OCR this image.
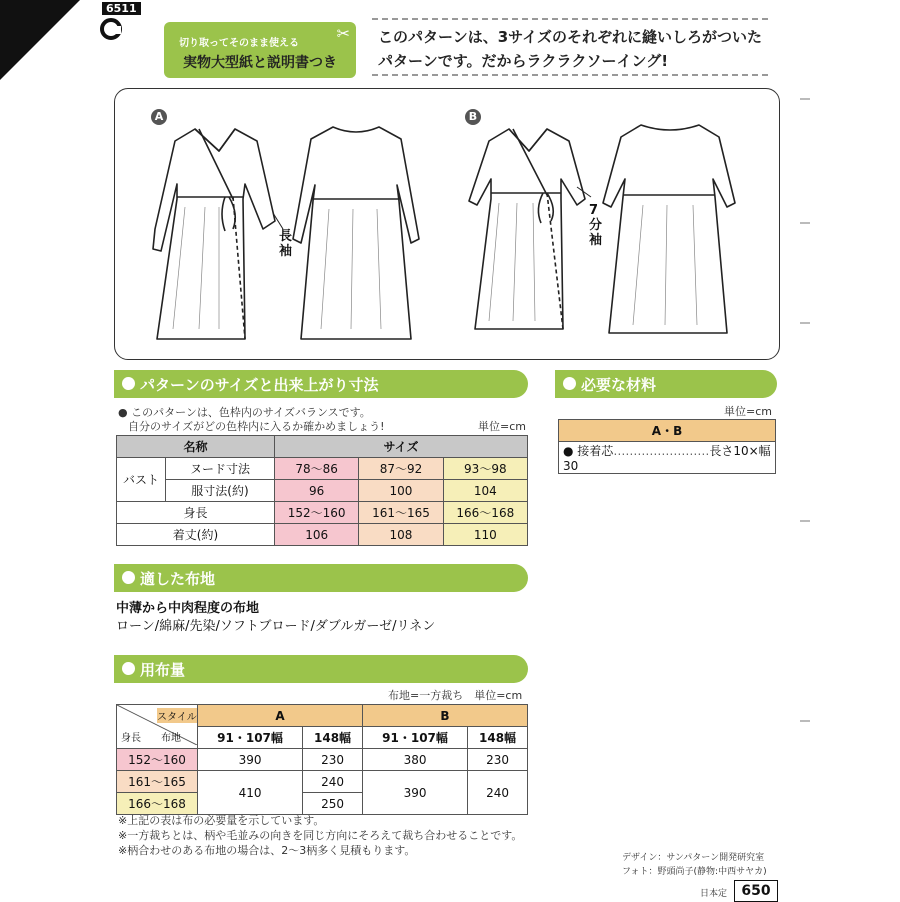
6511
切り取ってそのまま使える
✂
実物大型紙と説明書つき
このパターンは、3サイズのそれぞれに縫いしろがついた
パターンです。だからラクラクソーイング!
A	B
長袖
7分袖
パターンのサイズと出来上がり寸法
● このパターンは、色枠内のサイズバランスです。
自分のサイズがどの色枠内に入るか確かめましょう!	単位=cm
名称		サイズ		
バスト	ヌード寸法	78〜86	87〜92	93〜98
	服寸法(約)	96	100	104
身長		152〜160	161〜165	166〜168
着丈(約)		106	108	110
必要な材料
単位=cm
A・B
● 接着芯……………………長さ10×幅30
適した布地
中薄から中肉程度の布地
ローン/綿麻/先染/ソフトブロード/ダブルガーゼ/リネン
用布量
布地=一方裁ち　単位=cm
スタイル
身長 布地	A		B	
	91・107幅	148幅	91・107幅	148幅
152〜160	390	230	380	230
161〜165	410	240	390	240
166〜168		250		
※上記の表は布の必要量を示しています。
※一方裁ちとは、柄や毛並みの向きを同じ方向にそろえて裁ち合わせることです。
※柄合わせのある布地の場合は、2〜3柄多く見積もります。
デザイン：サンパターン開発研究室
フォト：野頭尚子(静物:中西サヤカ)
日本定	650
